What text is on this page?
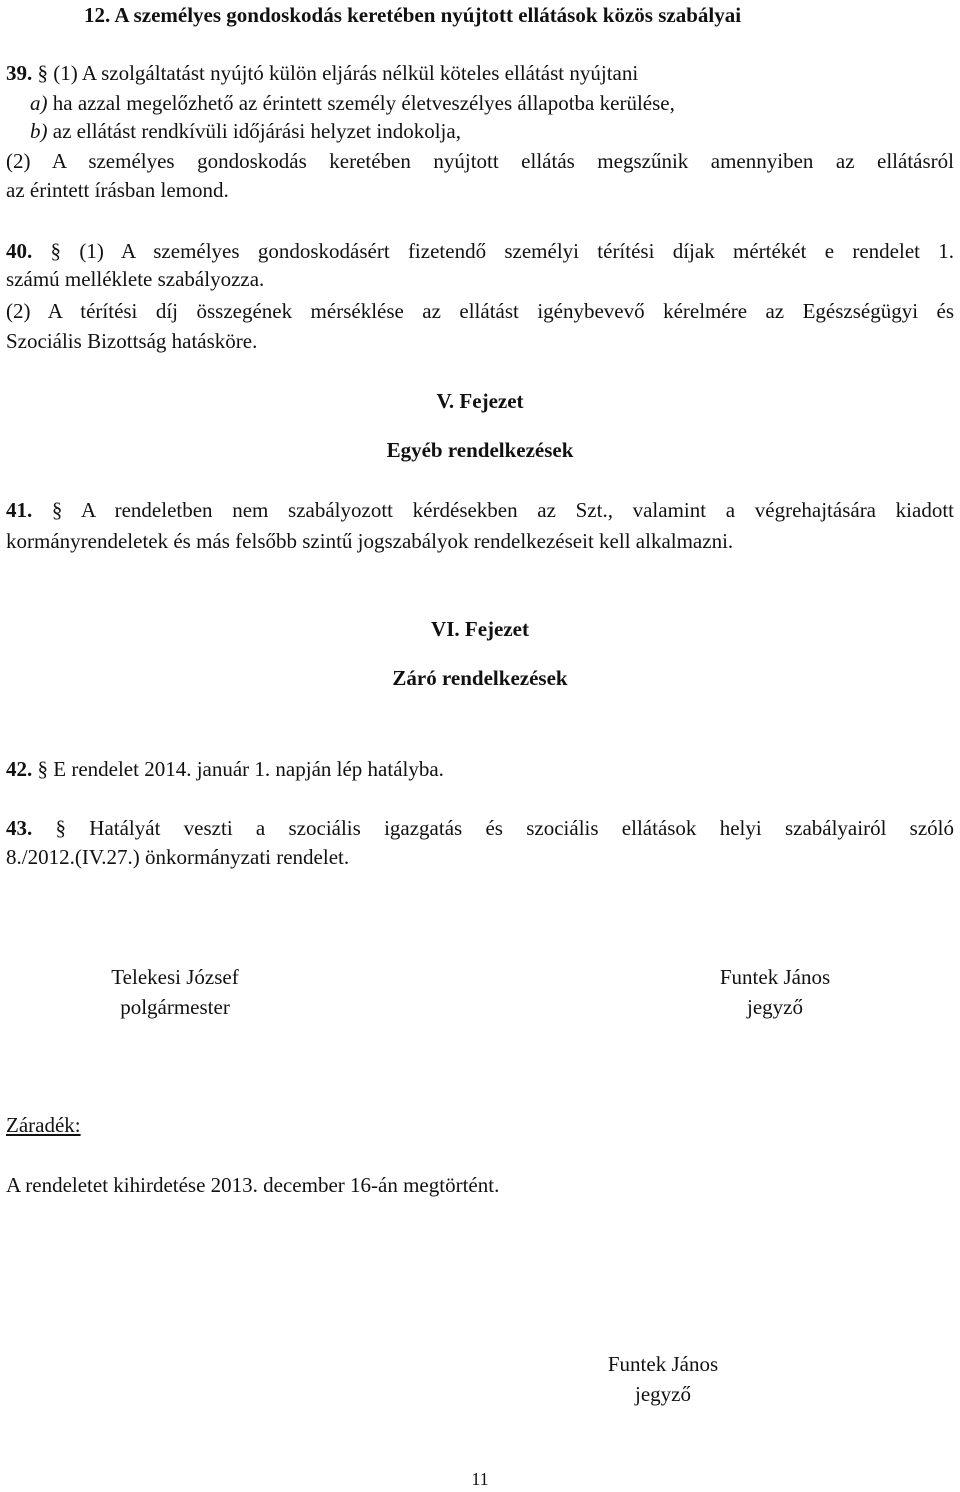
12. A személyes gondoskodás keretében nyújtott ellátások közös szabályai
39. § (1) A szolgáltatást nyújtó külön eljárás nélkül köteles ellátást nyújtani
a) ha azzal megelőzhető az érintett személy életveszélyes állapotba kerülése,
b) az ellátást rendkívüli időjárási helyzet indokolja,
(2) A személyes gondoskodás keretében nyújtott ellátás megszűnik amennyiben az ellátásról
az érintett írásban lemond.
40. § (1) A személyes gondoskodásért fizetendő személyi térítési díjak mértékét e rendelet 1.
számú melléklete szabályozza.
(2) A térítési díj összegének mérséklése az ellátást igénybevevő kérelmére az Egészségügyi és
Szociális Bizottság hatásköre.
V. Fejezet
Egyéb rendelkezések
41. § A rendeletben nem szabályozott kérdésekben az Szt., valamint a végrehajtására kiadott
kormányrendeletek és más felsőbb szintű jogszabályok rendelkezéseit kell alkalmazni.
VI. Fejezet
Záró rendelkezések
42. § E rendelet 2014. január 1. napján lép hatályba.
43. § Hatályát veszti a szociális igazgatás és szociális ellátások helyi szabályairól szóló
8./2012.(IV.27.) önkormányzati rendelet.
Telekesi József
polgármester
Funtek János
jegyző
Záradék:
A rendeletet kihirdetése 2013. december 16-án megtörtént.
Funtek János
jegyző
11
